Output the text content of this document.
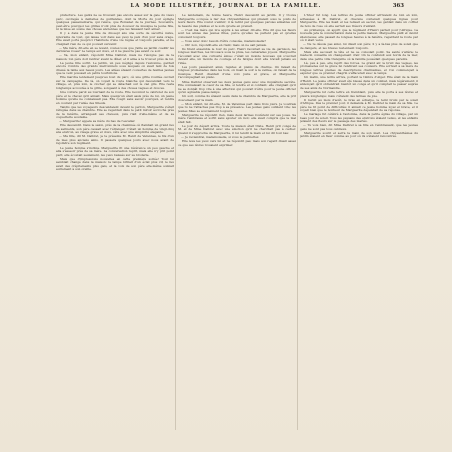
LA MODE ILLUSTRÉE, JOURNAL DE LA FAMILLE.	363

préfecture. Les gants ne se trouvent pas encore assez sur la gaie du vieux parc, ouvragés à dentelles de guirlandes, dont la Morte du jour épingle quelques passementerie, qui relève, que Romanet de la journée. Souvenirs, peut-être pourquoi les grilles n'ont plus de douceur de musique la jeune fille, ni la mise en scène des choses anciennes que les faisaient tant aimer.

Il y a dans la jeune fille de dix-sept ans une sorte de sécurité naïve, ignorante de tout, qui laisse voir dans ses yeux la paix d'un jour sans orage. Elle avait porté jusqu'ici l'habitude d'une vie réglée et toujours pareille, et ne craignait rien de ce qui pouvait survenir.

— Ma mère, dit-elle en se levant, voulez-vous que j'aille au jardin cueillir les dernières roses? Le temps est doux, et il ne pleuvra pas avant ce soir.

— Va, mon enfant, répondit Mme Dalbret, mais ne t'éloigne pas de la maison; ton père doit rentrer avant le dîner, et il aime à te trouver près de lui.

La jeune fille sortit. Le jardin, un peu négligé depuis l'automne, gardait encore l'ombre des grands marronniers sous lesquels on avait tant de fois dressé la table aux beaux jours. Les allées étaient couvertes de feuilles jaunes que le vent poussait en petits tourbillons.

Elle marcha lentement jusqu'au bout du parc, où une grille rouillée ouvrait sur la campagne. De là, on voyait la route blanche qui descendait vers le village, et, plus loin, le clocher qui se détachait sur le ciel gris. Elle resta longtemps accoudée à la grille, songeant à des choses vagues et douces.

Une voiture parut au tournant de la route. Elle reconnut le cabriolet de son père et le cheval qu'il aimait. Mais quelqu'un était assis près de lui, un jeune homme qu'elle ne connaissait pas. Elle rougit sans savoir pourquoi, et rentra en courant par l'allée des tilleuls.

Tandis que les voyageurs descendaient devant le perron, Marguerite s'était réfugiée dans sa chambre. Elle se regardait dans le petit miroir accroché près de la fenêtre, arrangeait ses cheveux, puis riait d'elle-même et de sa coquetterie soudaine.

— Marguerite! appela sa mère du bas de l'escalier.

Elle descendit. Dans le salon, près de la cheminée où flambait un grand feu de sarments, son père causait avec l'étranger. C'était un homme de vingt-cinq ans environ, au visage grave et doux, vêtu avec une simplicité élégante.

— Ma fille, dit M. Dalbret, je te présente M. Henri de Varennes, le fils d'un de mes plus anciens amis. Il passera quelques jours avec nous avant de rejoindre son régiment.

Le jeune homme s'inclina. Marguerite fit une révérence un peu gauche et alla s'asseoir près de sa mère. La conversation reprit, mais elle n'y prit point part; elle écoutait seulement, les yeux baissés sur sa broderie.

Mais que d'impressions nouvelles en cette première soirée! Tout lui semblait changé dans la maison: la lampe brillait d'un éclat plus vif, le feu avait des crépitements plus gais, et la voix de son père elle-même sonnait autrement à son oreille.

Le lendemain, de bonne heure, Henri descendit au jardin. Il y trouva Marguerite occupée à lier des chrysanthèmes qui pliaient sous le poids de leurs fleurs. Elle voulut s'enfuir; il la retint par quelques paroles aimables sur la beauté des plantes et le soin qu'elle en prenait.

— C'est ma mère qui m'a appris à les aimer, dit-elle. Elle dit que les fleurs sont les amies des jeunes filles, parce qu'elles ne parlent pas et qu'elles consolent toujours.

— Vous avez donc besoin d'être consolée, mademoiselle?

— Oh! non, répondit-elle en riant; mais on ne sait jamais.

Ils firent ensemble le tour du parc. Henri racontait sa vie de garnison, les longues marches, les bivouacs sous la pluie, les camarades joyeux. Marguerite l'écoutait avec une curiosité émue; c'était un monde nouveau qui s'ouvrait devant elle, un monde de courage et de fatigue dont elle n'avait jamais eu l'idée.

Les jours passèrent ainsi, rapides et pleins de charme. On faisait de longues promenades dans les bois, on lisait le soir à la veillée, on faisait de la musique. Henri chantait d'une voix juste et grave, et Marguerite l'accompagnait au piano.

Mme Dalbret observait les deux jeunes gens avec une inquiétude secrète. Elle connaissait le cœur de sa fille, si tendre et si confiant; elle craignait qu'il ne se donnât trop vite à une affection qui pouvait n'être pour le jeune officier qu'un agréable passe-temps.

Un soir, comme ils étaient seuls dans la chambre de Marguerite, elle la prit doucement par la main.

— Mon enfant, lui dit-elle, M. de Varennes part dans trois jours. Je voudrais que tu ne t'attaches pas trop à sa présence. Les jeunes gens oublient vite; les jeunes filles se souviennent toujours.

Marguerite ne répondit rien, mais deux larmes roulèrent sur ses joues. Sa mère l'embrassa et sortit sans ajouter un mot; elle avait compris que le mal était fait.

Le jour du départ arriva. Toute la maison était triste. Henri prit congé de M. et de Mme Dalbret avec une émotion qu'il ne cherchait pas à cacher. Quand il s'approcha de Marguerite, il lui tendit la main et lui dit tout bas:

— Je reviendrai, mademoiselle, si vous le permettez.

Elle leva les yeux vers lui et ne répondit pas; mais son regard disait assez ce que ses lèvres n'osaient exprimer.

L'hiver fut long. Les lettres du jeune officier arrivaient de loin en loin, adressées à M. Dalbret, et chacune contenait quelques lignes pour Marguerite. Elle les lisait et les relisait en secret, les gardait dans un coffret de bois de rose où elle serrait ses trésors d'enfant.

Au printemps, on apprit que le régiment d'Henri partait pour l'Afrique. La nouvelle jeta la consternation dans la petite maison. Marguerite pâlit et devint silencieuse; elle passait de longues heures à la fenêtre, regardant la route par où il était venu.

— Ne te désole pas ainsi, lui disait son père; il y a là-bas plus de soleil que de dangers, et les braves reviennent toujours.

Mais elle secouait la tête et ne se consolait point. Sa santé s'altéra; le médecin conseilla un changement d'air. On la conduisit aux bords de la mer, dans une petite ville tranquille où la famille possédait quelques parents.

Là, peu à peu, elle reprit des forces. Le grand air, le bruit des vagues, les promenades sur la grève lui rendirent ses couleurs. Elle écrivait à sa mère de longues lettres pleines de descriptions charmantes, et l'on commençait à espérer que ce premier chagrin s'effacerait avec le temps.

Un matin, une lettre arriva, portant le timbre d'Alger. Elle était de la main d'Henri. Le jeune officier avait été blessé dans un combat, mais légèrement; il annonçait qu'il obtiendrait bientôt un congé et qu'il comptait le passer auprès de ses amis de Normandie.

Marguerite lut cette lettre en tremblant, puis elle la porta à ses lèvres et pleura longtemps; mais c'étaient des larmes de joie.

Il revint au mois d'août, le bras en écharpe, le teint bruni par le soleil d'Afrique. Dès le premier jour, il demanda à M. Dalbret la main de sa fille. Le père ne fit point de difficultés; il aimait ce jeune homme loyal et brave, et il voyait bien que le bonheur de Marguerite dépendait de sa réponse.

Le mariage fut célébré à l'automne, dans la petite église du village, par un beau jour de soleil. Tous les paysans des environs étaient venus, et les enfants jetaient des fleurs sur le passage des mariés.

— Tu vois bien, dit Mme Dalbret à sa fille en l'embrassant, que les jeunes gens ne sont pas tous oublieux.

Marguerite sourit et serra la main de son mari. Les chrysanthèmes du jardin étaient en fleur comme au jour où ils s'étaient rencontrés.
